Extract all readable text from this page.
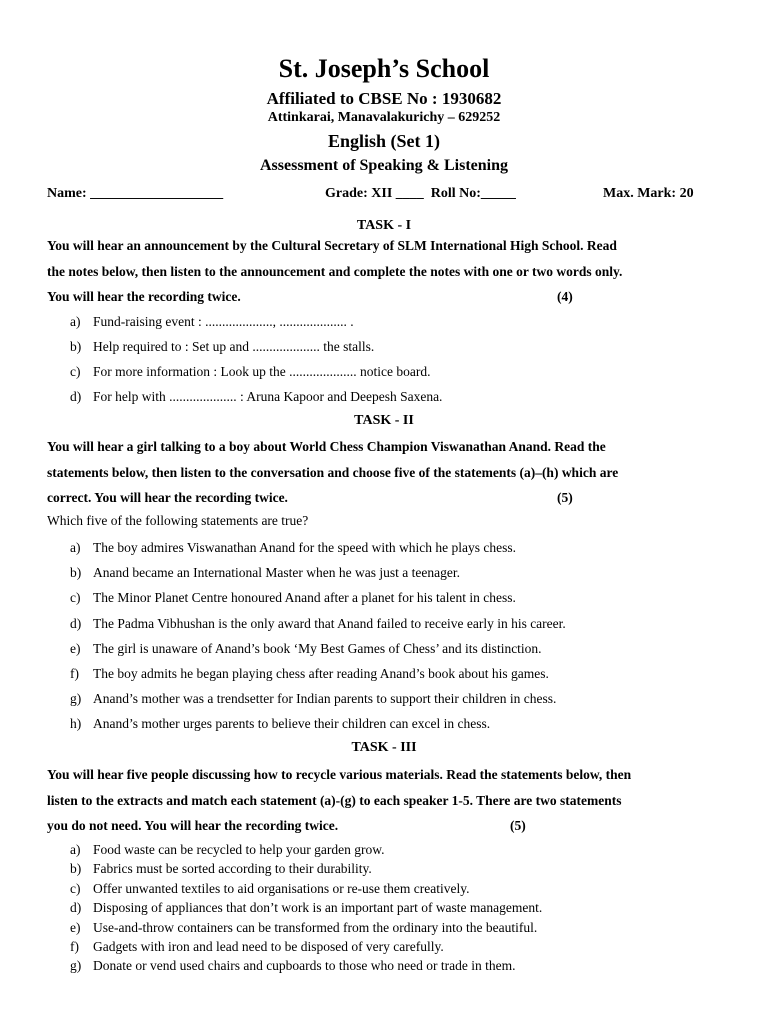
St. Joseph’s School
Affiliated to CBSE No : 1930682
Attinkarai, Manavalakurichy – 629252
English (Set 1)
Assessment of Speaking & Listening
Name: ___________________	Grade: XII ____  Roll No:_____	Max. Mark: 20
TASK - I
You will hear an announcement by the Cultural Secretary of SLM International High School. Read
the notes below, then listen to the announcement and complete the notes with one or two words only.
You will hear the recording twice.	(4)
a) Fund-raising event : ...................., .................... .
b) Help required to : Set up and .................... the stalls.
c) For more information : Look up the .................... notice board.
d) For help with .................... : Aruna Kapoor and Deepesh Saxena.
TASK - II
You will hear a girl talking to a boy about World Chess Champion Viswanathan Anand. Read the
statements below, then listen to the conversation and choose five of the statements (a)–(h) which are
correct. You will hear the recording twice.	(5)
Which five of the following statements are true?
a) The boy admires Viswanathan Anand for the speed with which he plays chess.
b) Anand became an International Master when he was just a teenager.
c) The Minor Planet Centre honoured Anand after a planet for his talent in chess.
d) The Padma Vibhushan is the only award that Anand failed to receive early in his career.
e) The girl is unaware of Anand’s book ‘My Best Games of Chess’ and its distinction.
f) The boy admits he began playing chess after reading Anand’s book about his games.
g) Anand’s mother was a trendsetter for Indian parents to support their children in chess.
h) Anand’s mother urges parents to believe their children can excel in chess.
TASK - III
You will hear five people discussing how to recycle various materials. Read the statements below, then
listen to the extracts and match each statement (a)-(g) to each speaker 1-5. There are two statements
you do not need. You will hear the recording twice.	(5)
a) Food waste can be recycled to help your garden grow.
b) Fabrics must be sorted according to their durability.
c) Offer unwanted textiles to aid organisations or re-use them creatively.
d) Disposing of appliances that don’t work is an important part of waste management.
e) Use-and-throw containers can be transformed from the ordinary into the beautiful.
f) Gadgets with iron and lead need to be disposed of very carefully.
g) Donate or vend used chairs and cupboards to those who need or trade in them.
